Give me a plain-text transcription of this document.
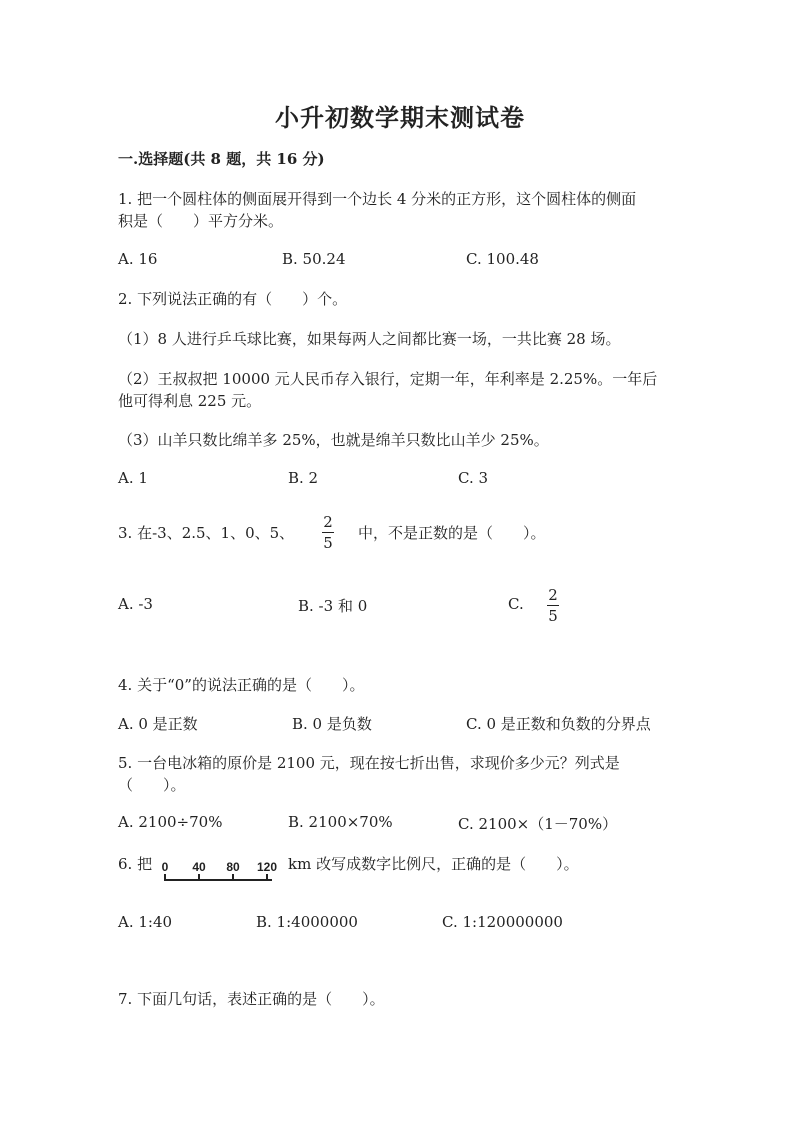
小升初数学期末测试卷
一.选择题(共 8 题，共 16 分)
1. 把一个圆柱体的侧面展开得到一个边长 4 分米的正方形，这个圆柱体的侧面
积是（　　）平方分米。
A. 16	B. 50.24	C. 100.48
2. 下列说法正确的有（　　）个。
（1）8 人进行乒乓球比赛，如果每两人之间都比赛一场，一共比赛 28 场。
（2）王叔叔把 10000 元人民币存入银行，定期一年，年利率是 2.25%。一年后
他可得利息 225 元。
（3）山羊只数比绵羊多 25%，也就是绵羊只数比山羊少 25%。
A. 1	B. 2	C. 3
3. 在-3、2.5、1、0、5、
2
5
中，不是正数的是（　　）。
A. -3	B. -3 和 0	C. 2
5
4. 关于“0”的说法正确的是（　　）。
A. 0 是正数	B. 0 是负数	C. 0 是正数和负数的分界点
5. 一台电冰箱的原价是 2100 元，现在按七折出售，求现价多少元？列式是
（　　）。
A. 2100÷70%	B. 2100×70%	C. 2100×（1－70%）
6. 把 0 40 80 120 km 改写成数字比例尺，正确的是（　　）。
A. 1:40	B. 1:4000000	C. 1:120000000
7. 下面几句话，表述正确的是（　　）。
